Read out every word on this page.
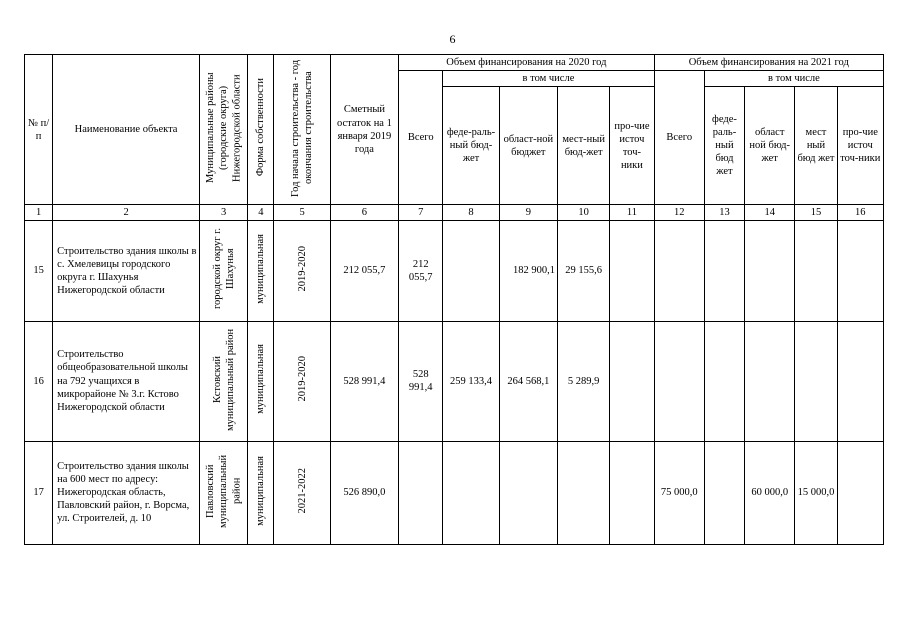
6
№ п/п	Наименование объекта	Муниципальные районы (городские округа) Нижегородской области	Форма собственности	Год начала строительства - год окончания строительства	Сметный остаток на 1 января 2019 года	Объем финансирования на 2020 год					Объем финансирования на 2021 год				
						Всего	в том числе				Всего	в том числе			
							феде-раль-ный бюд-жет	област-ной бюджет	мест-ный бюд-жет	про-чие источ точ-ники		феде-раль-ный бюд жет	област ной бюд-жет	мест ный бюд жет	про-чие источ точ-ники
1	2	3	4	5	6	7	8	9	10	11	12	13	14	15	16
15	Строительство здания школы в с. Хмелевицы городского округа г. Шахунья Нижегородской области	городской округ г. Шахунья	муниципальная	2019-2020	212 055,7	212 055,7		182 900,1	29 155,6						
16	Строительство общеобразовательной школы на 792 учащихся в микрорайоне № 3.г. Кстово Нижегородской области	Кстовский муниципальный район	муниципальная	2019-2020	528 991,4	528 991,4	259 133,4	264 568,1	5 289,9						
17	Строительство здания школы на 600 мест по адресу: Нижегородская область, Павловский район, г. Ворсма, ул. Строителей, д. 10	Павловский муниципальный район	муниципальная	2021-2022	526 890,0						75 000,0		60 000,0	15 000,0	
